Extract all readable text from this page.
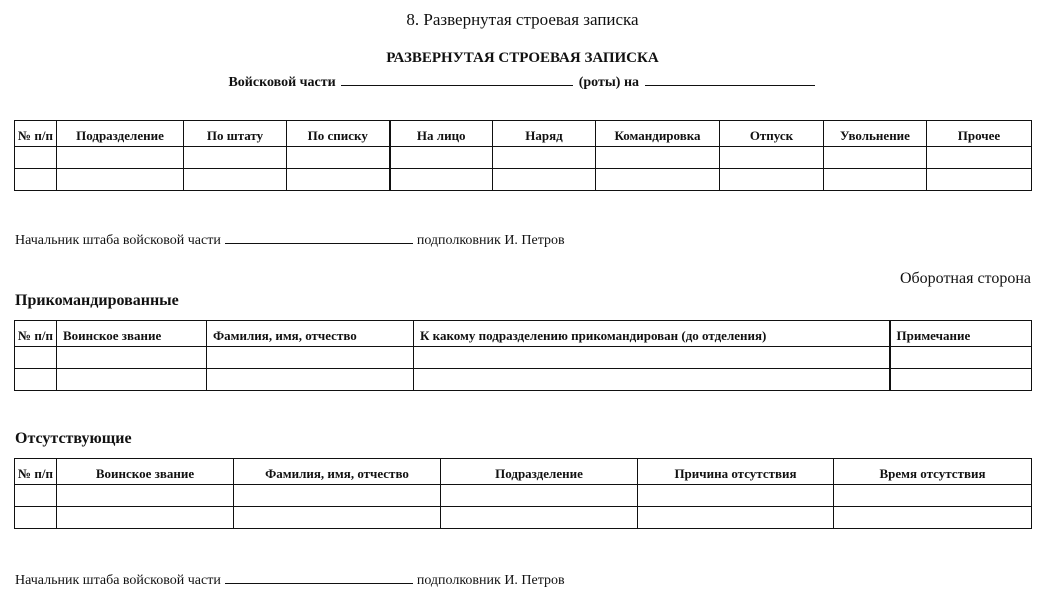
8. Развернутая строевая записка
РАЗВЕРНУТАЯ СТРОЕВАЯ ЗАПИСКА
Войсковой части	(роты) на
№ п/п	Подразделение	По штату	По списку	На лицо	Наряд	Командировка	Отпуск	Увольнение	Прочее

Начальник штаба войсковой части	подполковник И. Петров
Оборотная сторона
Прикомандированные
№ п/п	Воинское звание	Фамилия, имя, отчество	К какому подразделению прикомандирован (до отделения)	Примечание

Отсутствующие
№ п/п	Воинское звание	Фамилия, имя, отчество	Подразделение	Причина отсутствия	Время отсутствия

Начальник штаба войсковой части	подполковник И. Петров
